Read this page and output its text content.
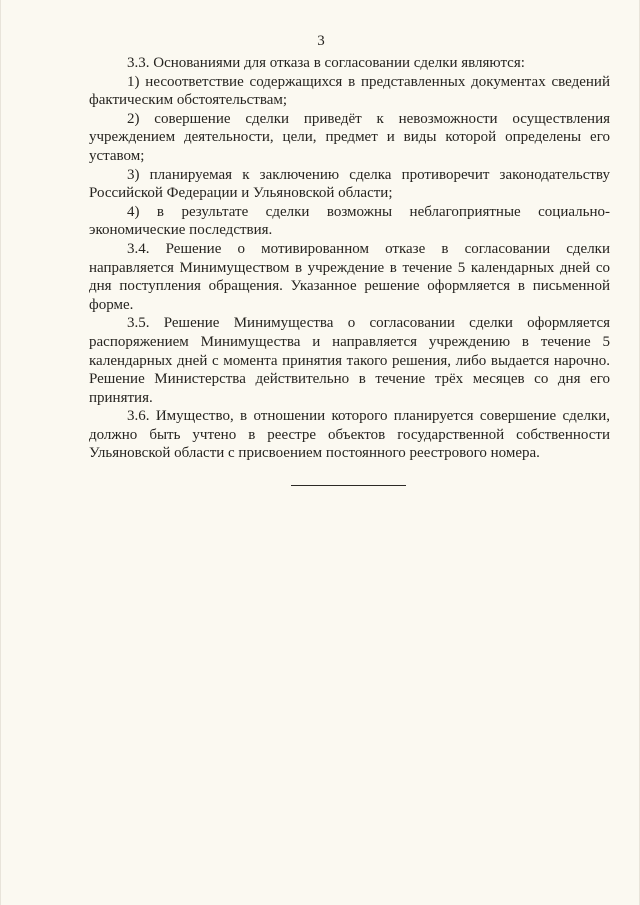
3

3.3. Основаниями для отказа в согласовании сделки являются:

1) несоответствие содержащихся в представленных документах сведений фактическим обстоятельствам;

2) совершение сделки приведёт к невозможности осуществления учреждением деятельности, цели, предмет и виды которой определены его уставом;

3) планируемая к заключению сделка противоречит законодательству Российской Федерации и Ульяновской области;

4) в результате сделки возможны неблагоприятные социально-экономические последствия.

3.4. Решение о мотивированном отказе в согласовании сделки направляется Минимуществом в учреждение в течение 5 календарных дней со дня поступления обращения. Указанное решение оформляется в письменной форме.

3.5. Решение Минимущества о согласовании сделки оформляется распоряжением Минимущества и направляется учреждению в течение 5 календарных дней с момента принятия такого решения, либо выдается нарочно. Решение Министерства действительно в течение трёх месяцев со дня его принятия.

3.6. Имущество, в отношении которого планируется совершение сделки, должно быть учтено в реестре объектов государственной собственности Ульяновской области с присвоением постоянного реестрового номера.
